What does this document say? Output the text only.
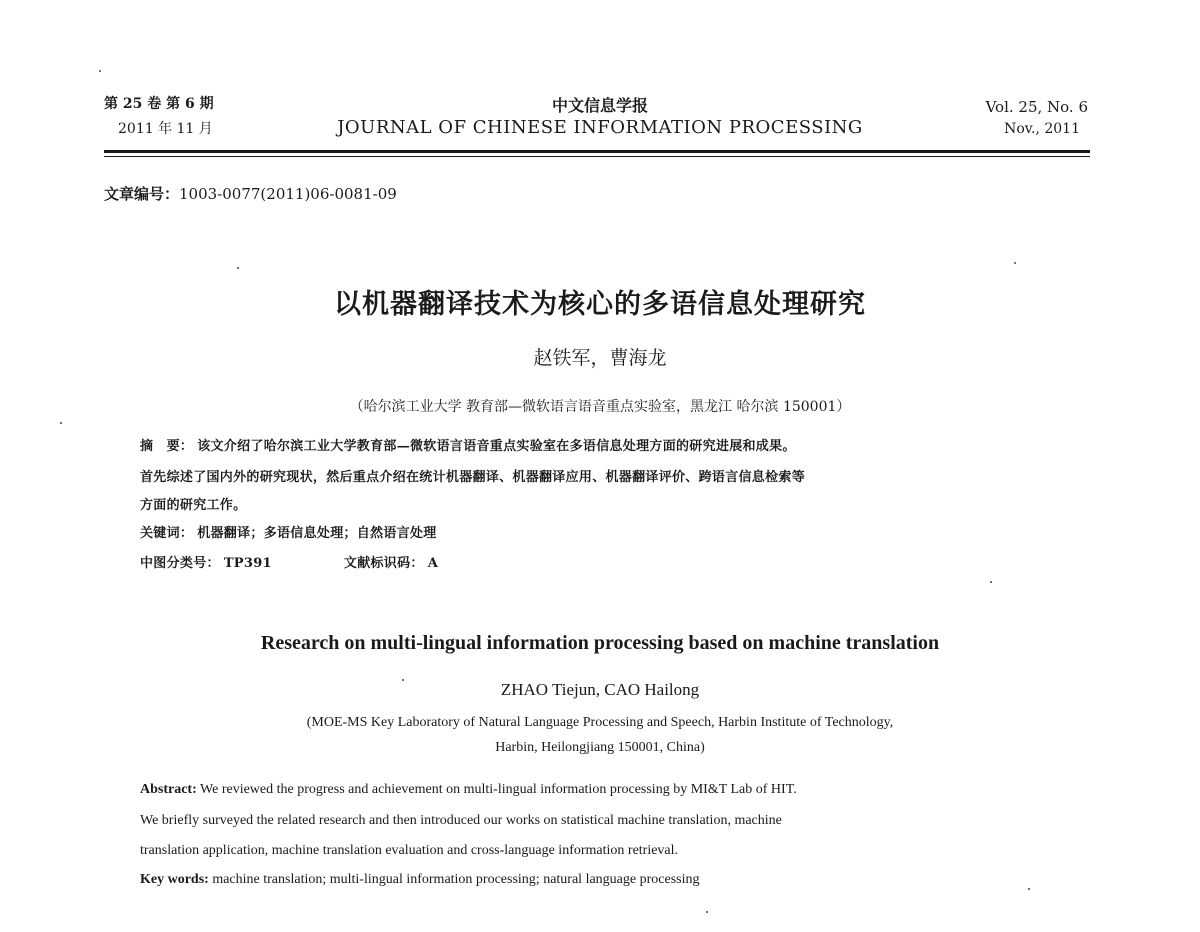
第 25 卷 第 6 期
2011 年 11 月
中文信息学报
JOURNAL OF CHINESE INFORMATION PROCESSING
Vol. 25, No. 6
Nov., 2011
文章编号：1003-0077(2011)06-0081-09
以机器翻译技术为核心的多语信息处理研究
赵铁军，曹海龙
（哈尔滨工业大学 教育部—微软语言语音重点实验室，黑龙江 哈尔滨 150001）
摘　要： 该文介绍了哈尔滨工业大学教育部—微软语言语音重点实验室在多语信息处理方面的研究进展和成果。
首先综述了国内外的研究现状，然后重点介绍在统计机器翻译、机器翻译应用、机器翻译评价、跨语言信息检索等
方面的研究工作。
关键词： 机器翻译；多语信息处理；自然语言处理
中图分类号： TP391	文献标识码： A
Research on multi-lingual information processing based on machine translation
ZHAO Tiejun, CAO Hailong
(MOE-MS Key Laboratory of Natural Language Processing and Speech, Harbin Institute of Technology,
Harbin, Heilongjiang 150001, China)
Abstract: We reviewed the progress and achievement on multi-lingual information processing by MI&T Lab of HIT.
We briefly surveyed the related research and then introduced our works on statistical machine translation, machine
translation application, machine translation evaluation and cross-language information retrieval.
Key words: machine translation; multi-lingual information processing; natural language processing
